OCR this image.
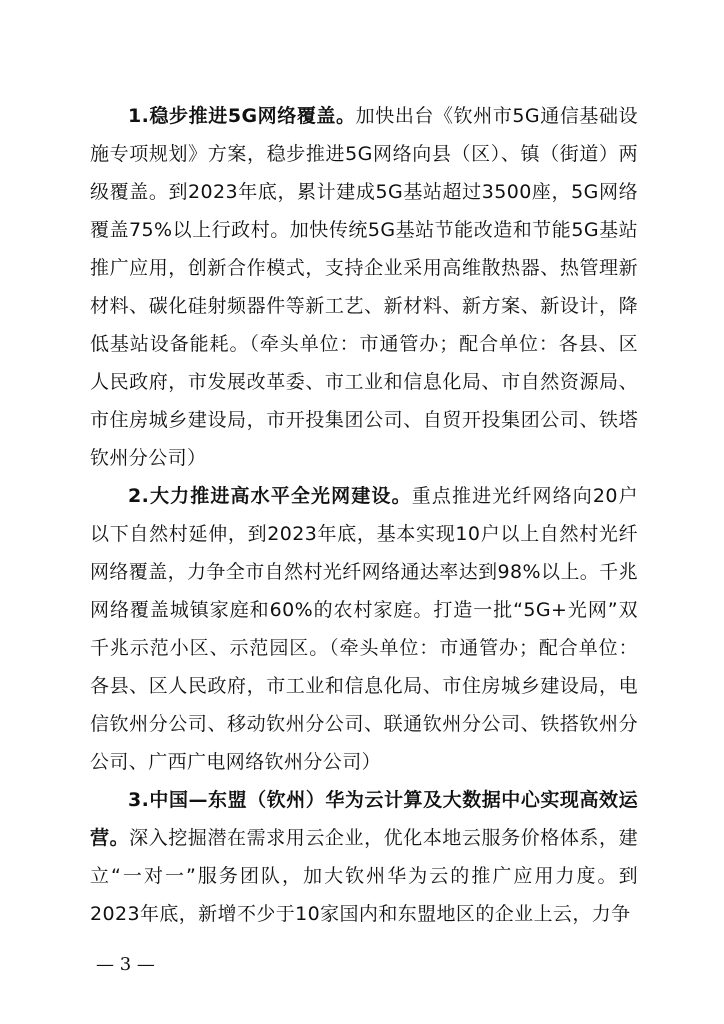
1.稳步推进5G网络覆盖。加快出台《钦州市5G通信基础设施专项规划》方案，稳步推进5G网络向县（区）、镇（街道）两级覆盖。到2023年底，累计建成5G基站超过3500座，5G网络覆盖75%以上行政村。加快传统5G基站节能改造和节能5G基站推广应用，创新合作模式，支持企业采用高维散热器、热管理新材料、碳化硅射频器件等新工艺、新材料、新方案、新设计，降低基站设备能耗。（牵头单位：市通管办；配合单位：各县、区人民政府，市发展改革委、市工业和信息化局、市自然资源局、市住房城乡建设局，市开投集团公司、自贸开投集团公司、铁塔钦州分公司）

2.大力推进高水平全光网建设。重点推进光纤网络向20户以下自然村延伸，到2023年底，基本实现10户以上自然村光纤网络覆盖，力争全市自然村光纤网络通达率达到98%以上。千兆网络覆盖城镇家庭和60%的农村家庭。打造一批“5G+光网”双千兆示范小区、示范园区。（牵头单位：市通管办；配合单位：各县、区人民政府，市工业和信息化局、市住房城乡建设局，电信钦州分公司、移动钦州分公司、联通钦州分公司、铁搭钦州分公司、广西广电网络钦州分公司）

3.中国—东盟（钦州）华为云计算及大数据中心实现高效运营。深入挖掘潜在需求用云企业，优化本地云服务价格体系，建立“一对一”服务团队，加大钦州华为云的推广应用力度。到2023年底，新增不少于10家国内和东盟地区的企业上云，力争

— 3 —
